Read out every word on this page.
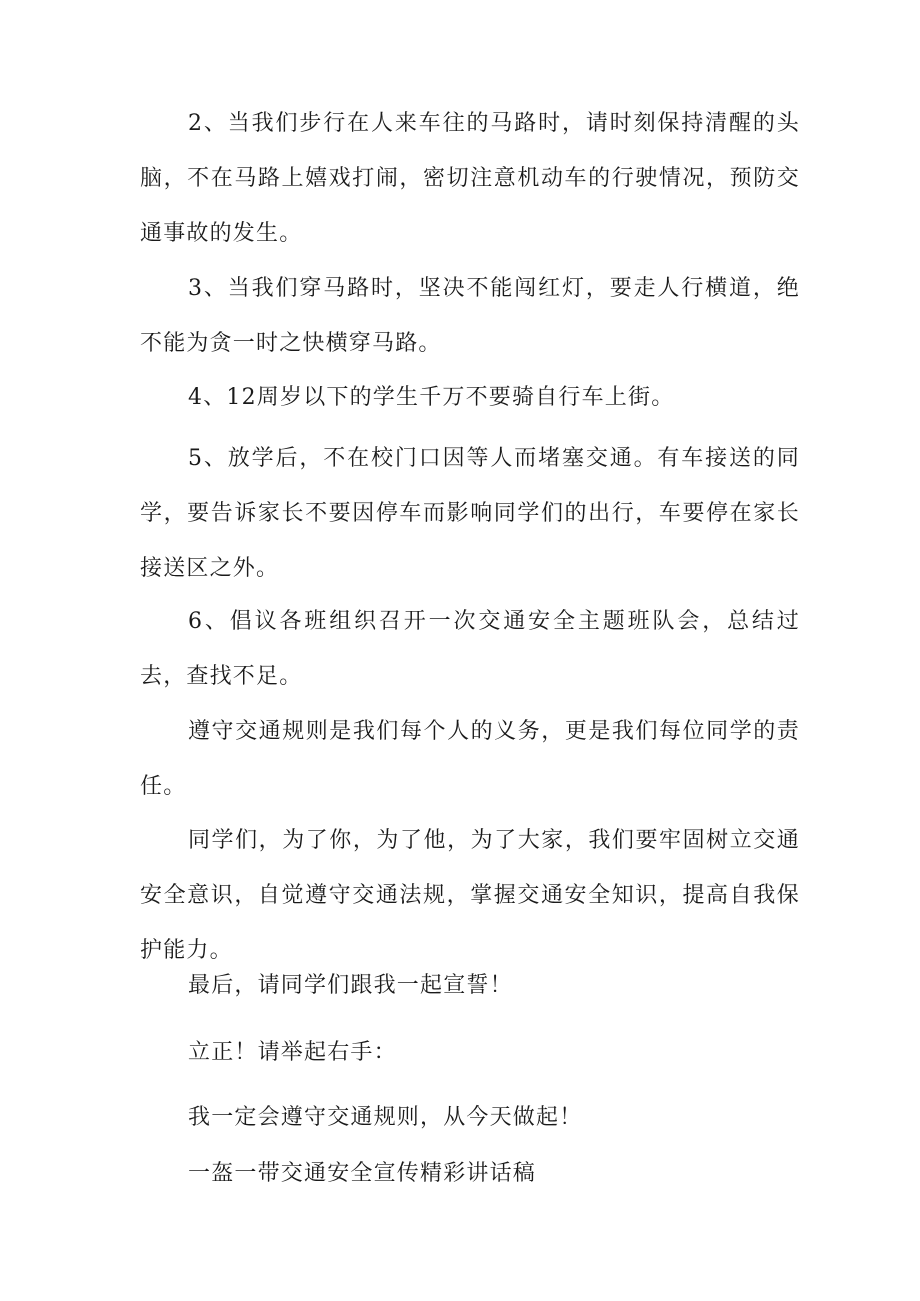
2、当我们步行在人来车往的马路时，请时刻保持清醒的头脑，不在马路上嬉戏打闹，密切注意机动车的行驶情况，预防交通事故的发生。

3、当我们穿马路时，坚决不能闯红灯，要走人行横道，绝不能为贪一时之快横穿马路。

4、12周岁以下的学生千万不要骑自行车上街。

5、放学后，不在校门口因等人而堵塞交通。有车接送的同学，要告诉家长不要因停车而影响同学们的出行，车要停在家长接送区之外。

6、倡议各班组织召开一次交通安全主题班队会，总结过去，查找不足。

遵守交通规则是我们每个人的义务，更是我们每位同学的责任。

同学们，为了你，为了他，为了大家，我们要牢固树立交通安全意识，自觉遵守交通法规，掌握交通安全知识，提高自我保护能力。

最后，请同学们跟我一起宣誓！

立正！请举起右手：

我一定会遵守交通规则，从今天做起！

一盔一带交通安全宣传精彩讲话稿
